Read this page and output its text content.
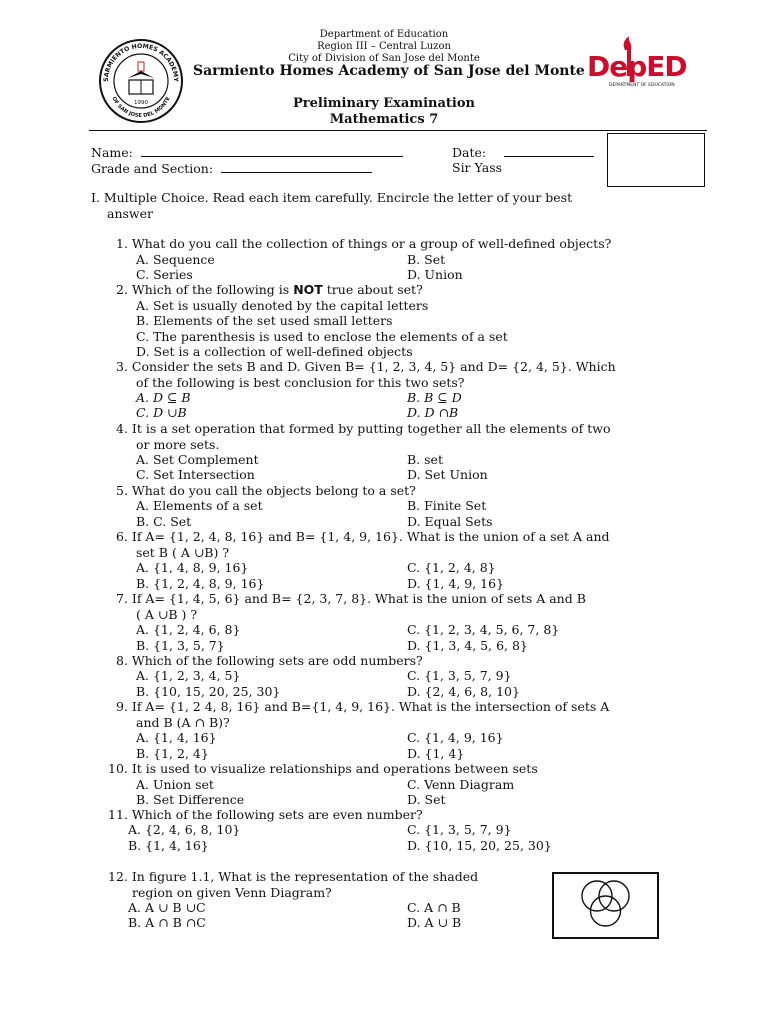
SARMIENTO HOMES ACADEMY
OF SAN JOSE DEL MONTE
1990
DepED
DEPARTMENT OF EDUCATION
Department of Education
Region III – Central Luzon
City of Division of San Jose del Monte
Sarmiento Homes Academy of San Jose del Monte
Preliminary Examination
Mathematics 7
Name:
Grade and Section:
Date:
Sir Yass
I. Multiple Choice. Read each item carefully. Encircle the letter of your best
answer
1. What do you call the collection of things or a group of well-defined objects?
A. Sequence	B. Set
C. Series	D. Union
2. Which of the following is NOT true about set?
A. Set is usually denoted by the capital letters
B. Elements of the set used small letters
C. The parenthesis is used to enclose the elements of a set
D. Set is a collection of well-defined objects
3. Consider the sets B and D. Given B= {1, 2, 3, 4, 5} and D= {2, 4, 5}. Which
of the following is best conclusion for this two sets?
A. D ⊆ B	B. B ⊆ D
C. D ∪B	D. D ∩B
4. It is a set operation that formed by putting together all the elements of two
or more sets.
A. Set Complement	B. set
C. Set Intersection	D. Set Union
5. What do you call the objects belong to a set?
A. Elements of a set	B. Finite Set
B. C. Set	D. Equal Sets
6. If A= {1, 2, 4, 8, 16} and B= {1, 4, 9, 16}. What is the union of a set A and
set B ( A ∪B) ?
A. {1, 4, 8, 9, 16}	C. {1, 2, 4, 8}
B. {1, 2, 4, 8, 9, 16}	D. {1, 4, 9, 16}
7. If A= {1, 4, 5, 6} and B= {2, 3, 7, 8}. What is the union of sets A and B
( A ∪B ) ?
A. {1, 2, 4, 6, 8}	C. {1, 2, 3, 4, 5, 6, 7, 8}
B. {1, 3, 5, 7}	D. {1, 3, 4, 5, 6, 8}
8. Which of the following sets are odd numbers?
A. {1, 2, 3, 4, 5}	C. {1, 3, 5, 7, 9}
B. {10, 15, 20, 25, 30}	D. {2, 4, 6, 8, 10}
9. If A= {1, 2 4, 8, 16} and B={1, 4, 9, 16}. What is the intersection of sets A
and B (A ∩ B)?
A. {1, 4, 16}	C. {1, 4, 9, 16}
B. {1, 2, 4}	D. {1, 4}
10. It is used to visualize relationships and operations between sets
A. Union set	C. Venn Diagram
B. Set Difference	D. Set
11. Which of the following sets are even number?
A. {2, 4, 6, 8, 10}	C. {1, 3, 5, 7, 9}
B. {1, 4, 16}	D. {10, 15, 20, 25, 30}
12. In figure 1.1, What is the representation of the shaded
region on given Venn Diagram?
A. A ∪ B ∪C	C. A ∩ B
B. A ∩ B ∩C	D. A ∪ B
